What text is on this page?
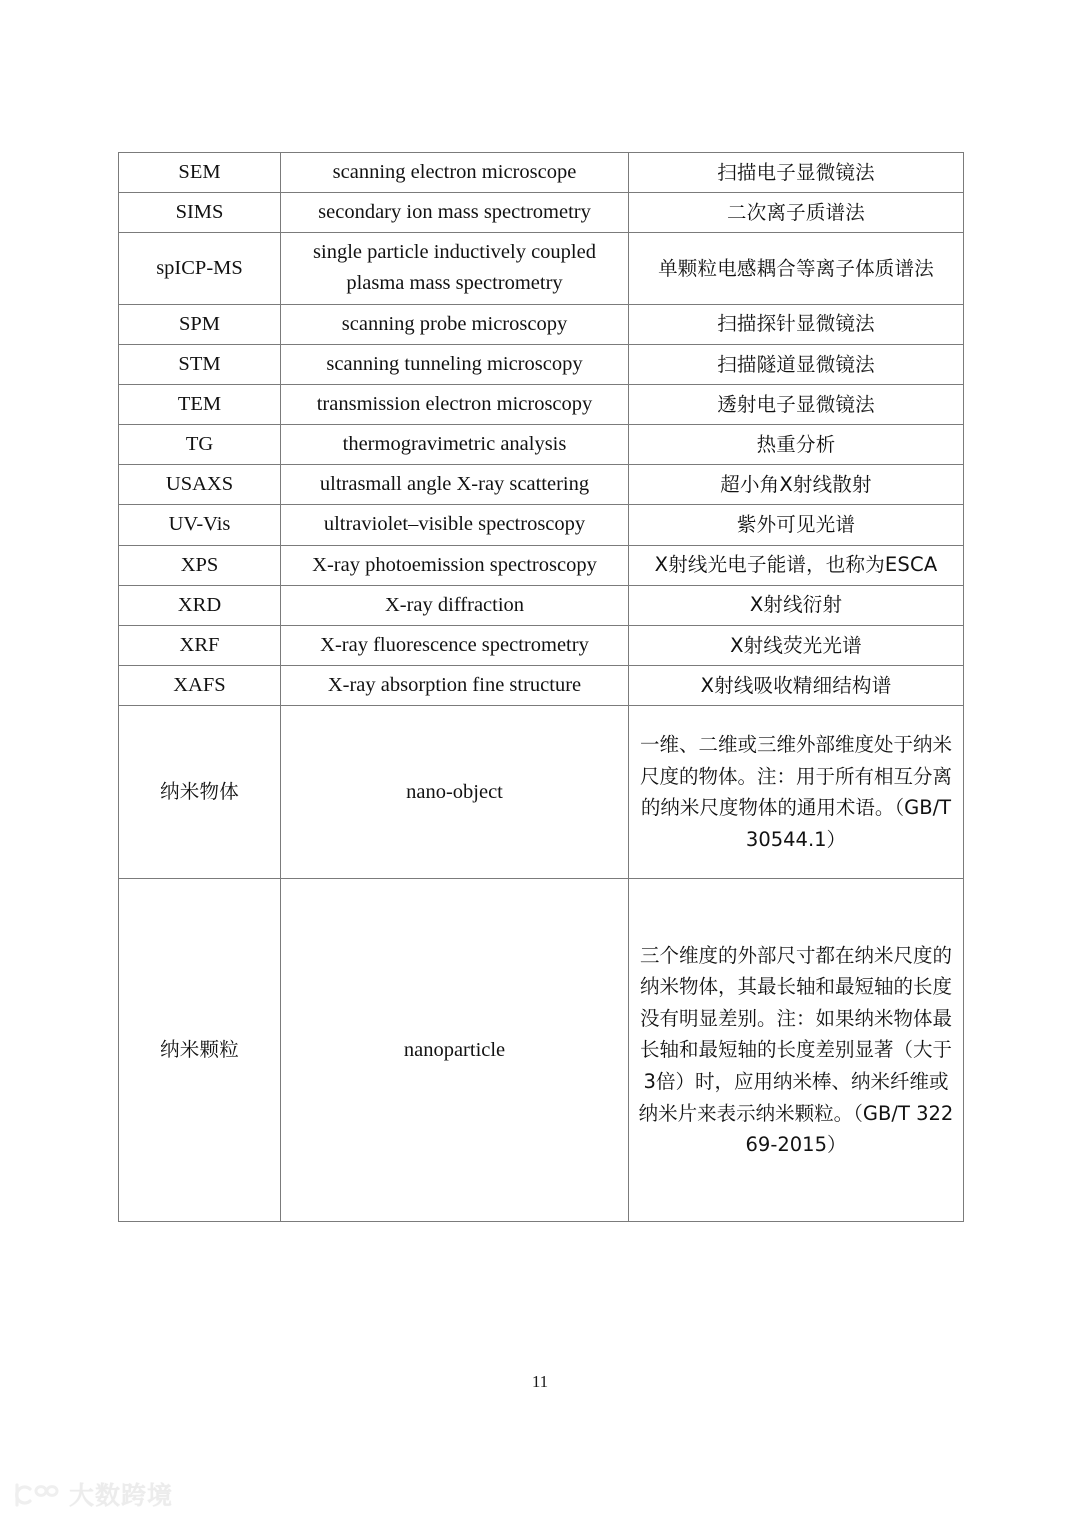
SEM	scanning electron microscope	扫描电子显微镜法
SIMS	secondary ion mass spectrometry	二次离子质谱法
spICP-MS	single particle inductively coupled plasma mass spectrometry	单颗粒电感耦合等离子体质谱法
SPM	scanning probe microscopy	扫描探针显微镜法
STM	scanning tunneling microscopy	扫描隧道显微镜法
TEM	transmission electron microscopy	透射电子显微镜法
TG	thermogravimetric analysis	热重分析
USAXS	ultrasmall angle X-ray scattering	超小角X射线散射
UV-Vis	ultraviolet–visible spectroscopy	紫外可见光谱
XPS	X-ray photoemission spectroscopy	X射线光电子能谱，也称为ESCA
XRD	X-ray diffraction	X射线衍射
XRF	X-ray fluorescence spectrometry	X射线荧光光谱
XAFS	X-ray absorption fine structure	X射线吸收精细结构谱
纳米物体	nano-object	一维、二维或三维外部维度处于纳米尺度的物体。注：用于所有相互分离的纳米尺度物体的通用术语。（GB/T 30544.1）
纳米颗粒	nanoparticle	三个维度的外部尺寸都在纳米尺度的纳米物体，其最长轴和最短轴的长度没有明显差别。注：如果纳米物体最长轴和最短轴的长度差别显著（大于3倍）时，应用纳米棒、纳米纤维或纳米片来表示纳米颗粒。（GB/T 32269-2015）
11
大数跨境
